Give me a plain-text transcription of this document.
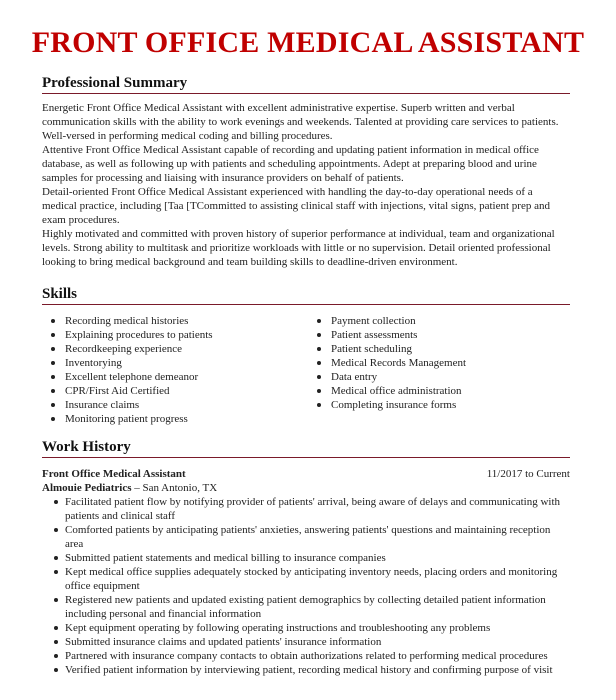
FRONT OFFICE MEDICAL ASSISTANT
Professional Summary
Energetic Front Office Medical Assistant with excellent administrative expertise. Superb written and verbal communication skills with the ability to work evenings and weekends. Talented at providing care services to patients. Well-versed in performing medical coding and billing procedures.
Attentive Front Office Medical Assistant capable of recording and updating patient information in medical office database, as well as following up with patients and scheduling appointments. Adept at preparing blood and urine samples for processing and liaising with insurance providers on behalf of patients.
Detail-oriented Front Office Medical Assistant experienced with handling the day-to-day operational needs of a medical practice, including [Taa [TCommitted to assisting clinical staff with injections, vital signs, patient prep and exam procedures.
Highly motivated and committed with proven history of superior performance at individual, team and organizational levels. Strong ability to multitask and prioritize workloads with little or no supervision. Detail oriented professional looking to bring medical background and team building skills to deadline-driven environment.
Skills
Recording medical histories
Explaining procedures to patients
Recordkeeping experience
Inventorying
Excellent telephone demeanor
CPR/First Aid Certified
Insurance claims
Monitoring patient progress
Payment collection
Patient assessments
Patient scheduling
Medical Records Management
Data entry
Medical office administration
Completing insurance forms
Work History
Front Office Medical Assistant	11/2017 to Current
Almouie Pediatrics – San Antonio, TX
Facilitated patient flow by notifying provider of patients' arrival, being aware of delays and communicating with patients and clinical staff
Comforted patients by anticipating patients' anxieties, answering patients' questions and maintaining reception area
Submitted patient statements and medical billing to insurance companies
Kept medical office supplies adequately stocked by anticipating inventory needs, placing orders and monitoring office equipment
Registered new patients and updated existing patient demographics by collecting detailed patient information including personal and financial information
Kept equipment operating by following operating instructions and troubleshooting any problems
Submitted insurance claims and updated patients' insurance information
Partnered with insurance company contacts to obtain authorizations related to performing medical procedures
Verified patient information by interviewing patient, recording medical history and confirming purpose of visit
